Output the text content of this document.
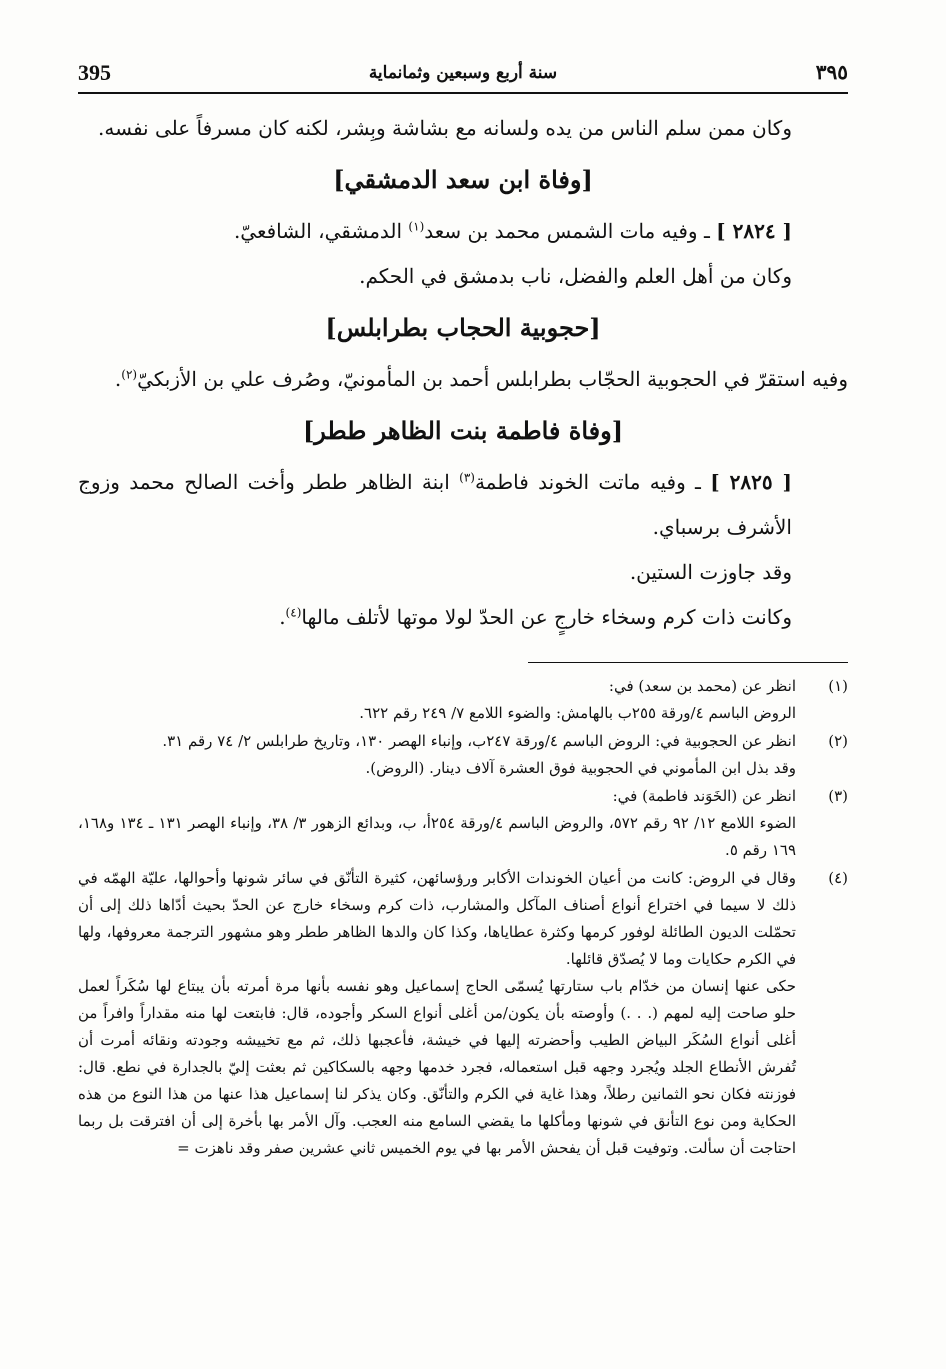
395	سنة أربع وسبعين وثمانماية	٣٩٥

وكان ممن سلم الناس من يده ولسانه مع بشاشة وبِشر، لكنه كان مسرفاً على نفسه.

[وفاة ابن سعد الدمشقي]

[ ٢٨٢٤ ] ـ وفيه مات الشمس محمد بن سعد$^{(١)}$ الدمشقي، الشافعيّ.

وكان من أهل العلم والفضل، ناب بدمشق في الحكم.

[حجوبية الحجاب بطرابلس]

وفيه استقرّ في الحجوبية الحجّاب بطرابلس أحمد بن المأمونيّ، وصُرف علي بن الأزبكيّ$^{(٢)}$.

[وفاة فاطمة بنت الظاهر ططر]

[ ٢٨٢٥ ] ـ وفيه ماتت الخوند فاطمة$^{(٣)}$ ابنة الظاهر ططر وأخت الصالح محمد وزوج الأشرف برسباي.

وقد جاوزت الستين.

وكانت ذات كرم وسخاء خارجٍ عن الحدّ لولا موتها لأتلف مالها$^{(٤)}$.

(١)
انظر عن (محمد بن سعد) في:
الروض الباسم ٤/ورقة ٢٥٥ب بالهامش: والضوء اللامع ٧/ ٢٤٩ رقم ٦٢٢.
(٢)
انظر عن الحجوبية في: الروض الباسم ٤/ورقة ٢٤٧ب، وإنباء الهصر ١٣٠، وتاريخ طرابلس ٢/ ٧٤ رقم ٣١.
وقد بذل ابن المأموني في الحجوبية فوق العشرة آلاف دينار. (الروض).
(٣)
انظر عن (الخَوَند فاطمة) في:
الضوء اللامع ١٢/ ٩٢ رقم ٥٧٢، والروض الباسم ٤/ورقة ٢٥٤أ، ب، وبدائع الزهور ٣/ ٣٨، وإنباء الهصر ١٣١ ـ ١٣٤ و١٦٨، ١٦٩ رقم ٥.
(٤)
وقال في الروض: كانت من أعيان الخوندات الأكابر ورؤسائهن، كثيرة التأنّق في سائر شونها وأحوالها، عليّة الهمّه في ذلك لا سيما في اختراع أنواع أصناف المآكل والمشارب، ذات كرم وسخاء خارج عن الحدّ بحيث أدّاها ذلك إلى أن تحمّلت الديون الطائلة لوفور كرمها وكثرة عطاياها، وكذا كان والدها الظاهر ططر وهو مشهور الترجمة معروفها، ولها في الكرم حكايات وما لا يُصدّق قائلها.
حكى عنها إنسان من خدّام باب ستارتها يُسمّى الحاج إسماعيل وهو نفسه بأنها مرة أمرته بأن يبتاع لها سُكَراً لعمل حلو صاحت إليه لمهم (. . .) وأوصته بأن يكون/من أغلى أنواع السكر وأجوده، قال: فابتعت لها منه مقداراً وافراً من أغلى أنواع السُكَر البياض الطيب وأحضرته إليها في خيشة، فأعجبها ذلك، ثم مع تخييشه وجودته ونقائه أمرت أن تُفرش الأنطاع الجلد ويُجرد وجهه قبل استعماله، فجرد خدمها وجهه بالسكاكين ثم بعثت إليّ بالجدارة في نطع. قال: فوزنته فكان نحو الثمانين رطلاً، وهذا غاية في الكرم والتأنّق. وكان يذكر لنا إسماعيل هذا عنها من هذا النوع من هذه الحكاية ومن نوع التأنق في شونها ومأكلها ما يقضي السامع منه العجب. وآل الأمر بها بأخرة إلى أن افترقت بل ربما احتاجت أن سألت. وتوفيت قبل أن يفحش الأمر بها في يوم الخميس ثاني عشرين صفر وقد ناهزت =
